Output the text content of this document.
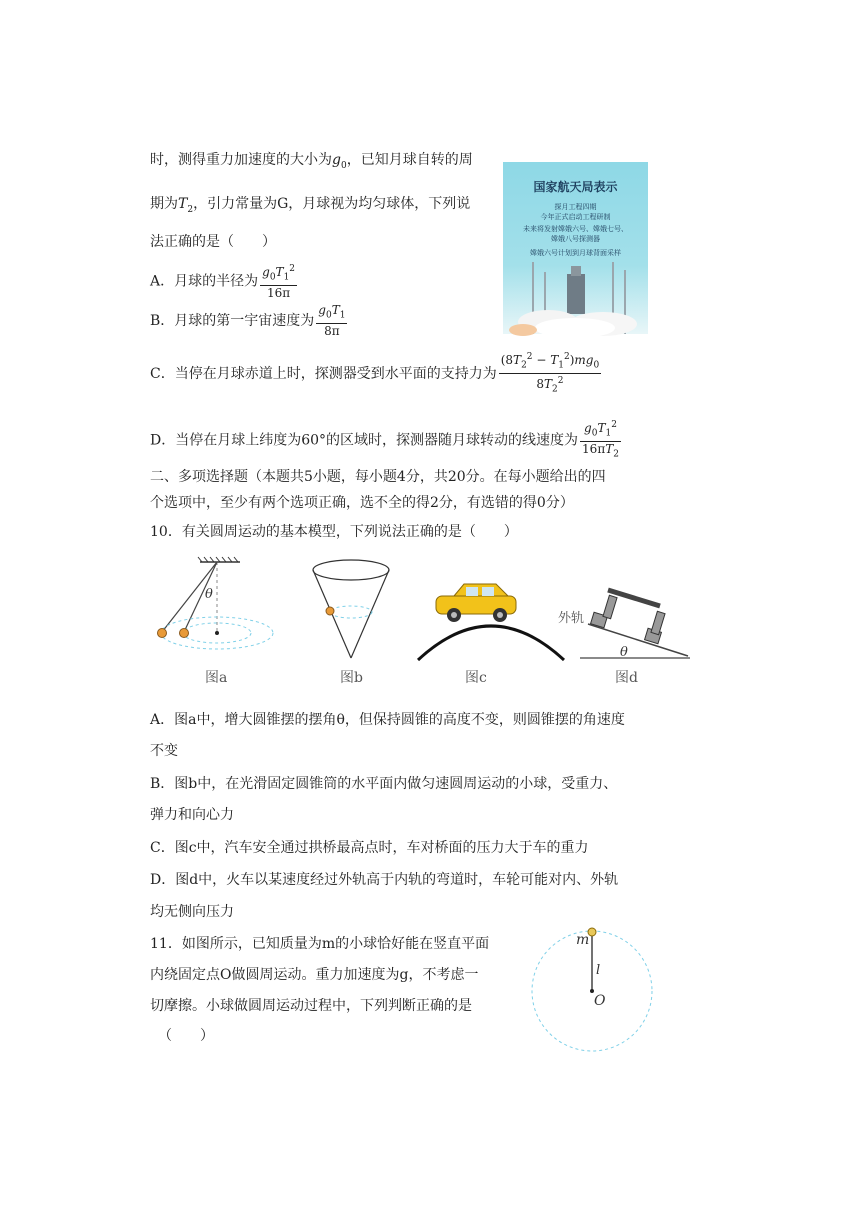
时，测得重力加速度的大小为$g_0$，已知月球自转的周
期为$T_2$，引力常量为G，月球视为均匀球体，下列说
法正确的是（　　）
A．月球的半径为 $\frac{g_0T_1^2}{16\pi}$
B．月球的第一宇宙速度为 $\frac{g_0T_1}{8\pi}$
C．当停在月球赤道上时，探测器受到水平面的支持力为 $\frac{(8T_2^2 - T_1^2)mg_0}{8T_2^2}$
D．当停在月球上纬度为60°的区域时，探测器随月球转动的线速度为 $\frac{g_0T_1^2}{16\pi T_2}$
国家航天局表示
探月工程四期
今年正式启动工程研制
未来将发射嫦娥六号、嫦娥七号、
嫦娥八号探测器
嫦娥六号计划到月球背面采样
二、多项选择题（本题共5小题，每小题4分，共20分。在每小题给出的四
个选项中，至少有两个选项正确，选不全的得2分，有选错的得0分）
10．有关圆周运动的基本模型，下列说法正确的是（　　）
θ
图a	图b	图c
外轨
θ
图d
A．图a中，增大圆锥摆的摆角θ，但保持圆锥的高度不变，则圆锥摆的角速度
不变
B．图b中，在光滑固定圆锥筒的水平面内做匀速圆周运动的小球，受重力、
弹力和向心力
C．图c中，汽车安全通过拱桥最高点时，车对桥面的压力大于车的重力
D．图d中，火车以某速度经过外轨高于内轨的弯道时，车轮可能对内、外轨
均无侧向压力
11．如图所示，已知质量为m的小球恰好能在竖直平面
内绕固定点O做圆周运动。重力加速度为g，不考虑一
切摩擦。小球做圆周运动过程中，下列判断正确的是
（　　）
m
l
O
